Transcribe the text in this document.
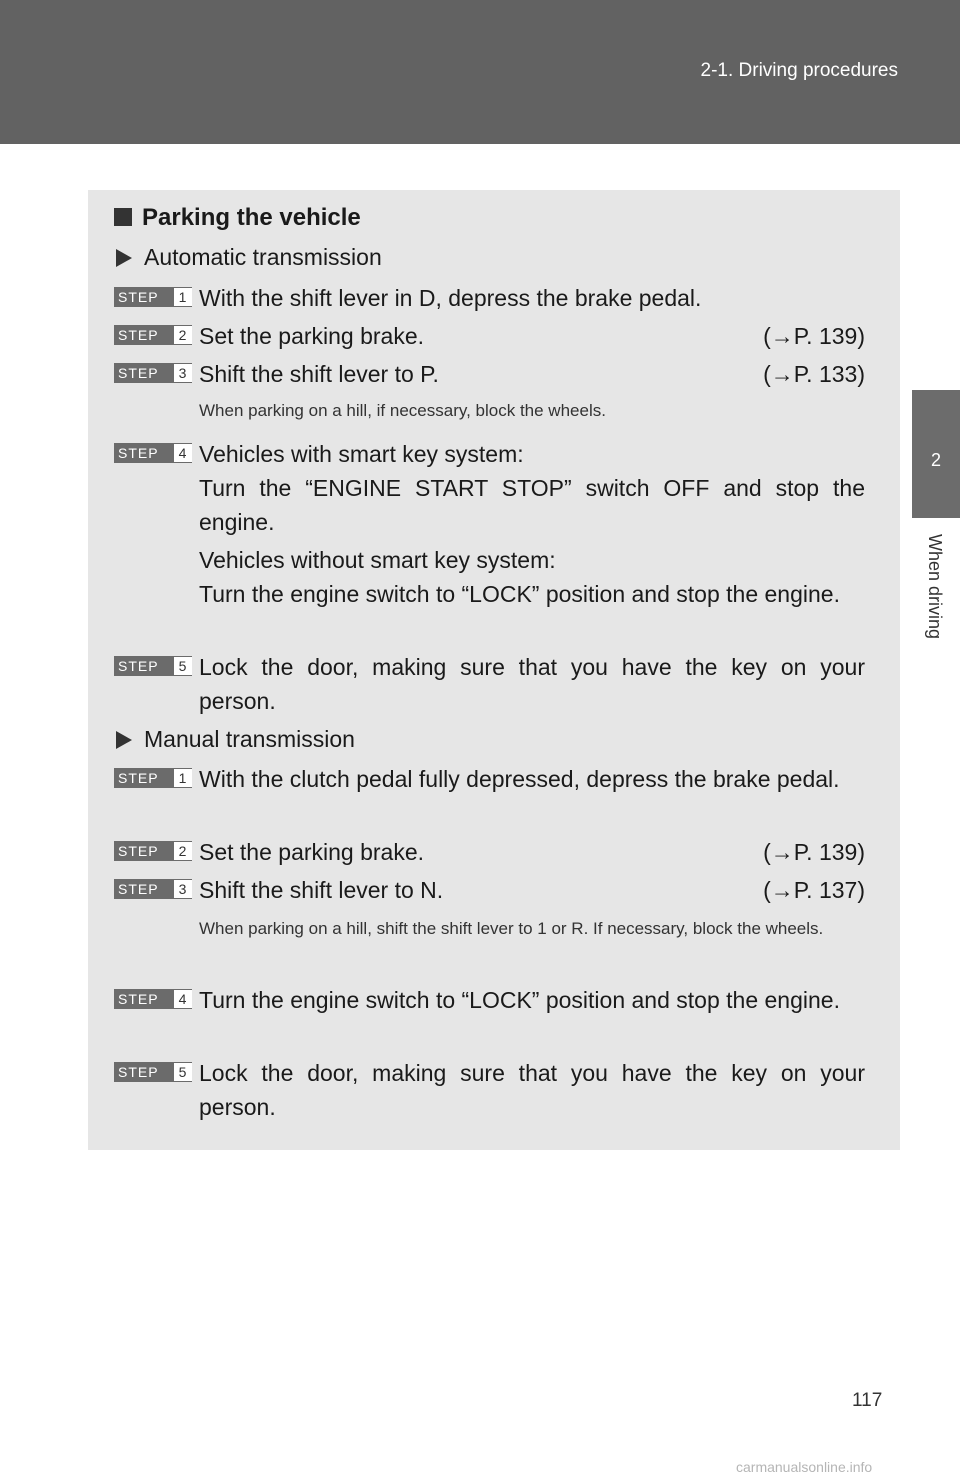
2-1. Driving procedures
2
When driving
Parking the vehicle
Automatic transmission
STEP	1 With the shift lever in D, depress the brake pedal.
STEP	2 Set the parking brake.	(→P. 139)
STEP	3 Shift the shift lever to P.	(→P. 133)
When parking on a hill, if necessary, block the wheels.
STEP	4 Vehicles with smart key system:
Turn the “ENGINE START STOP” switch OFF and stop the engine.
Vehicles without smart key system:
Turn the engine switch to “LOCK” position and stop the engine.
STEP	5 Lock the door, making sure that you have the key on your person.
Manual transmission
STEP	1 With the clutch pedal fully depressed, depress the brake pedal.
STEP	2 Set the parking brake.	(→P. 139)
STEP	3 Shift the shift lever to N.	(→P. 137)
When parking on a hill, shift the shift lever to 1 or R. If necessary, block the wheels.
STEP	4 Turn the engine switch to “LOCK” position and stop the engine.
STEP	5 Lock the door, making sure that you have the key on your person.
117
carmanualsonline.info
